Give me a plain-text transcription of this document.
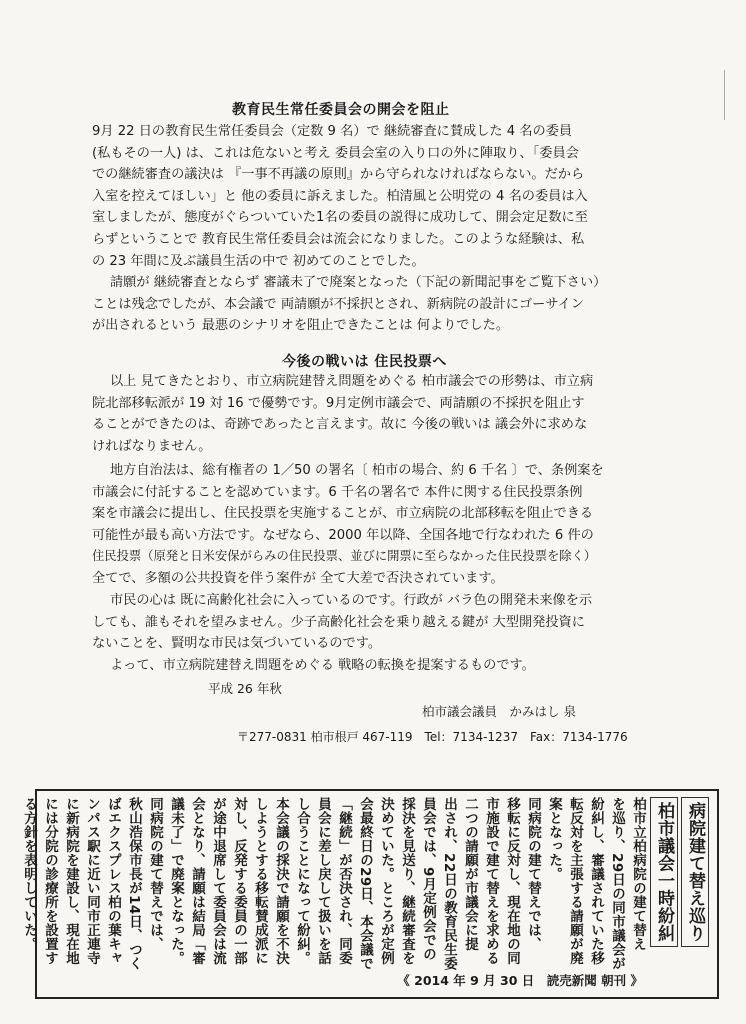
教育民生常任委員会の開会を阻止
9月 22 日の教育民生常任委員会（定数 9 名）で 継続審査に賛成した 4 名の委員
(私もその一人) は、これは危ないと考え 委員会室の入り口の外に陣取り、「委員会
での継続審査の議決は 『一事不再議の原則』から守られなければならない。だから
入室を控えてほしい」と 他の委員に訴えました。柏清風と公明党の 4 名の委員は入
室しましたが、態度がぐらついていた1名の委員の説得に成功して、開会定足数に至
らずということで 教育民生常任委員会は流会になりました。このような経験は、私
の 23 年間に及ぶ議員生活の中で 初めてのことでした。
請願が 継続審査とならず 審議未了で廃案となった（下記の新聞記事をご覧下さい）
ことは残念でしたが、本会議で 両請願が不採択とされ、新病院の設計にゴーサイン
が出されるという 最悪のシナリオを阻止できたことは 何よりでした。
今後の戦いは 住民投票へ
以上 見てきたとおり、市立病院建替え問題をめぐる 柏市議会での形勢は、市立病
院北部移転派が 19 対 16 で優勢です。9月定例市議会で、両請願の不採択を阻止す
ることができたのは、奇跡であったと言えます。故に 今後の戦いは 議会外に求めな
ければなりません。
地方自治法は、総有権者の 1／50 の署名〔 柏市の場合、約 6 千名 〕で、条例案を
市議会に付託することを認めています。6 千名の署名で 本件に関する住民投票条例
案を市議会に提出し、住民投票を実施することが、市立病院の北部移転を阻止できる
可能性が最も高い方法です。なぜなら、2000 年以降、全国各地で行なわれた 6 件の
住民投票（原発と日米安保がらみの住民投票、並びに開票に至らなかった住民投票を除く）
全てで、多額の公共投資を伴う案件が 全て大差で否決されています。
市民の心は 既に高齢化社会に入っているのです。行政が バラ色の開発未来像を示
しても、誰もそれを望みません。少子高齢化社会を乗り越える鍵が 大型開発投資に
ないことを、賢明な市民は気づいているのです。
よって、市立病院建替え問題をめぐる 戦略の転換を提案するものです。
平成 26 年秋
柏市議会議員　かみはし 泉
〒277-0831 柏市根戸 467-119　Tel：7134-1237　Fax：7134-1776
病院建て替え巡り
柏市議会一時紛糾
柏市立柏病院の建て替え
を巡り、29日の同市議会が
紛糾し、審議されていた移
転反対を主張する請願が廃
案となった。
同病院の建て替えでは、
移転に反対し、現在地の同
市施設で建て替えを求める
二つの請願が市議会に提
出され、22日の教育民生委
員会では、9月定例会での
採決を見送り、継続審査を
決めていた。ところが定例
会最終日の29日、本会議で
「継続」が否決され、同委
員会に差し戻して扱いを話
し合うことになって紛糾。
本会議の採決で請願を不決
しようとする移転賛成派に
対し、反発する委員の一部
が途中退席して委員会は流
会となり、請願は結局「審
議未了」で廃案となった。
同病院の建て替えでは、
秋山浩保市長が14日、つく
ばエクスプレス柏の葉キャ
ンパス駅に近い同市正連寺
に新病院を建設し、現在地
には分院の診療所を設置す
る方針を表明していた。
《 2014 年 9 月 30 日　読売新聞 朝刊 》
